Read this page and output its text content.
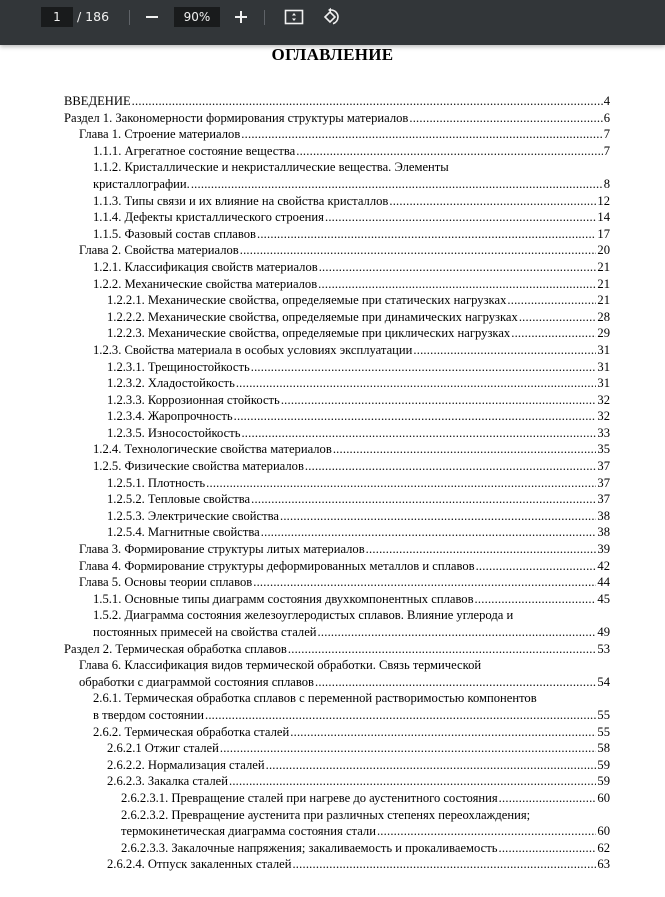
1	/ 186	90%
ОГЛАВЛЕНИЕ
ВВЕДЕНИЕ .....	4
Раздел 1. Закономерности формирования структуры материалов .....	6
Глава 1. Строение материалов .....	7
1.1.1. Агрегатное состояние вещества .....	7
1.1.2. Кристаллические и некристаллические вещества. Элементы
кристаллографии. .....	8
1.1.3. Типы связи и их влияние на свойства кристаллов .....	12
1.1.4. Дефекты кристаллического строения .....	14
1.1.5. Фазовый состав сплавов .....	17
Глава 2. Свойства материалов .....	20
1.2.1. Классификация свойств материалов .....	21
1.2.2. Механические свойства материалов .....	21
1.2.2.1. Механические свойства, определяемые при статических нагрузках .....	21
1.2.2.2. Механические свойства, определяемые при динамических нагрузках .....	28
1.2.2.3. Механические свойства, определяемые при циклических нагрузках .....	29
1.2.3. Свойства материала в особых условиях эксплуатации .....	31
1.2.3.1. Трещиностойкость .....	31
1.2.3.2. Хладостойкость .....	31
1.2.3.3. Коррозионная стойкость .....	32
1.2.3.4. Жаропрочность .....	32
1.2.3.5. Износостойкость .....	33
1.2.4. Технологические свойства материалов .....	35
1.2.5. Физические свойства материалов .....	37
1.2.5.1. Плотность .....	37
1.2.5.2. Тепловые свойства .....	37
1.2.5.3. Электрические свойства .....	38
1.2.5.4. Магнитные свойства .....	38
Глава 3. Формирование структуры литых материалов .....	39
Глава 4. Формирование структуры деформированных металлов и сплавов .....	42
Глава 5. Основы теории сплавов .....	44
1.5.1. Основные типы диаграмм состояния двухкомпонентных сплавов .....	45
1.5.2. Диаграмма состояния железоуглеродистых сплавов. Влияние углерода и
постоянных примесей на свойства сталей .....	49
Раздел 2. Термическая обработка сплавов .....	53
Глава 6. Классификация видов термической обработки. Связь термической
обработки с диаграммой состояния сплавов .....	54
2.6.1. Термическая обработка сплавов с переменной растворимостью компонентов
в твердом состоянии .....	55
2.6.2. Термическая обработка сталей .....	55
2.6.2.1 Отжиг сталей .....	58
2.6.2.2. Нормализация сталей .....	59
2.6.2.3. Закалка сталей .....	59
2.6.2.3.1. Превращение сталей при нагреве до аустенитного состояния .....	60
2.6.2.3.2. Превращение аустенита при различных степенях переохлаждения;
термокинетическая диаграмма состояния стали .....	60
2.6.2.3.3. Закалочные напряжения; закаливаемость и прокаливаемость .....	62
2.6.2.4. Отпуск закаленных сталей .....	63
